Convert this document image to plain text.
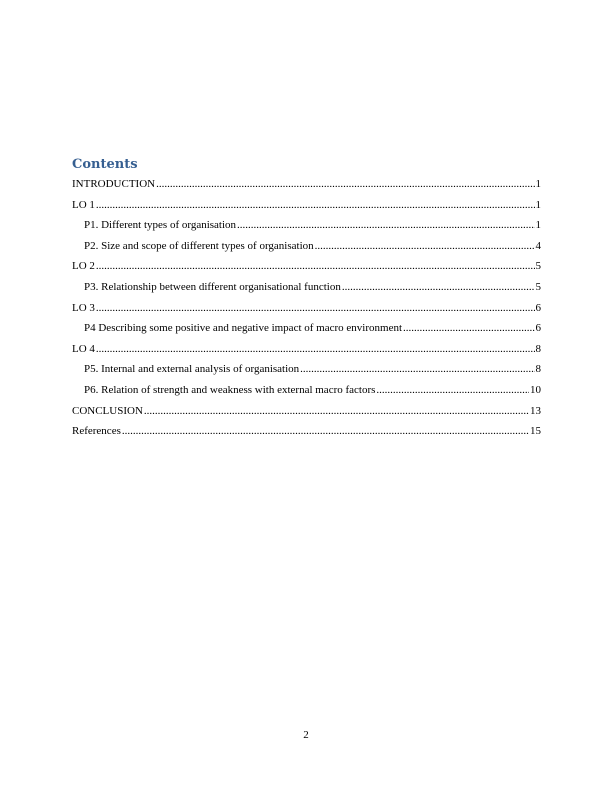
Contents
INTRODUCTION .....	1
LO 1 .....	1
P1. Different types of organisation .....	1
P2. Size and scope of different types of organisation .....	4
LO 2 .....	5
P3. Relationship between different organisational function .....	5
LO 3 .....	6
P4 Describing some positive and negative impact of macro environment .....	6
LO 4 .....	8
P5. Internal and external analysis of organisation .....	8
P6. Relation of strength and weakness with external macro factors .....	10
CONCLUSION .....	13
References .....	15
2
